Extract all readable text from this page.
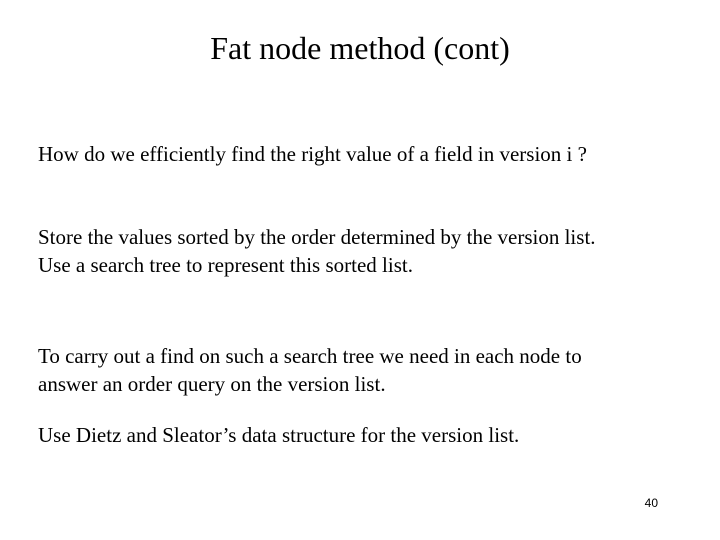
Fat node method (cont)

How do we efficiently find the right value of a field in version i ?

Store the values sorted by the order determined by the version list.
Use a search tree to represent this sorted list.

To carry out a find on such a search tree we need in each node to
answer an order query on the version list.

Use Dietz and Sleator’s data structure for the version list.

40
